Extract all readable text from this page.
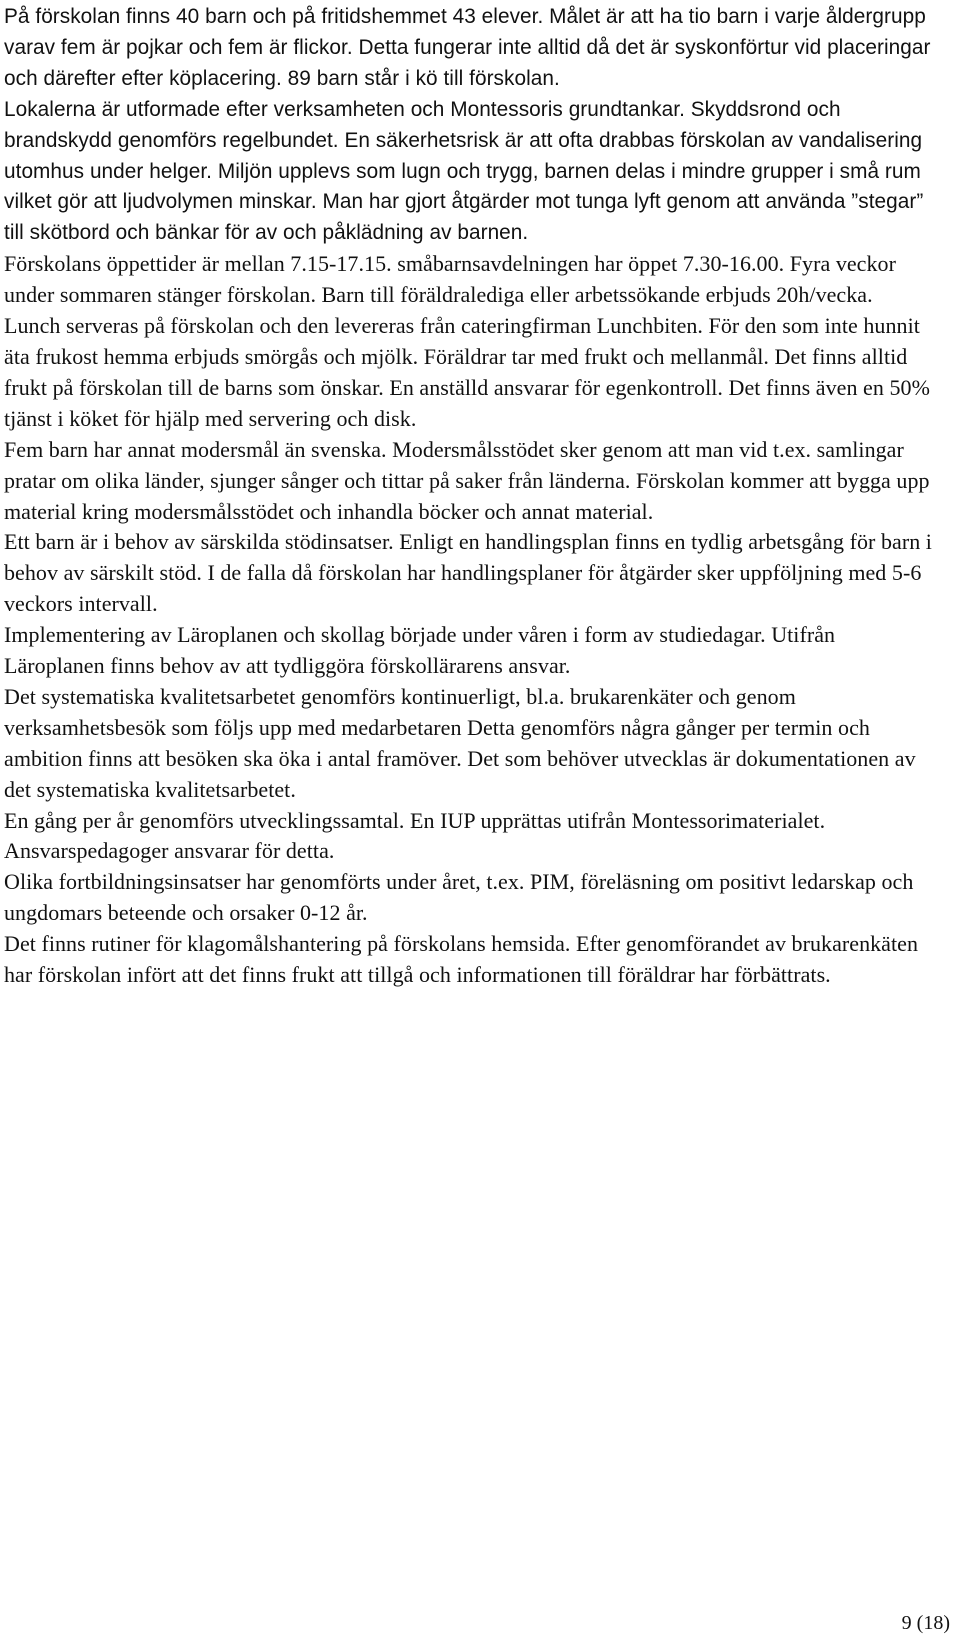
På förskolan finns 40 barn och på fritidshemmet 43 elever. Målet är att ha tio barn i varje åldergrupp varav fem är pojkar och fem är flickor. Detta fungerar inte alltid då det är syskonförtur vid placeringar och därefter efter köplacering. 89 barn står i kö till förskolan.

Lokalerna är utformade efter verksamheten och Montessoris grundtankar. Skyddsrond och brandskydd genomförs regelbundet. En säkerhetsrisk är att ofta drabbas förskolan av vandalisering utomhus under helger. Miljön upplevs som lugn och trygg, barnen delas i mindre grupper i små rum vilket gör att ljudvolymen minskar. Man har gjort åtgärder mot tunga lyft genom att använda ”stegar” till skötbord och bänkar för av och påklädning av barnen.

Förskolans öppettider är mellan 7.15-17.15. småbarnsavdelningen har öppet 7.30-16.00. Fyra veckor under sommaren stänger förskolan. Barn till föräldralediga eller arbetssökande erbjuds 20h/vecka.

Lunch serveras på förskolan och den levereras från cateringfirman Lunchbiten. För den som inte hunnit äta frukost hemma erbjuds smörgås och mjölk. Föräldrar tar med frukt och mellanmål. Det finns alltid frukt på förskolan till de barns som önskar. En anställd ansvarar för egenkontroll. Det finns även en 50% tjänst i köket för hjälp med servering och disk.

Fem barn har annat modersmål än svenska. Modersmålsstödet sker genom att man vid t.ex. samlingar pratar om olika länder, sjunger sånger och tittar på saker från länderna. Förskolan kommer att bygga upp material kring modersmålsstödet och inhandla böcker och annat material.

Ett barn är i behov av särskilda stödinsatser. Enligt en handlingsplan finns en tydlig arbetsgång för barn i behov av särskilt stöd. I de falla då förskolan har handlingsplaner för åtgärder sker uppföljning med 5-6 veckors intervall.

Implementering av Läroplanen och skollag började under våren i form av studiedagar. Utifrån Läroplanen finns behov av att tydliggöra förskollärarens ansvar.

Det systematiska kvalitetsarbetet genomförs kontinuerligt, bl.a. brukarenkäter och genom verksamhetsbesök som följs upp med medarbetaren Detta genomförs några gånger per termin och ambition finns att besöken ska öka i antal framöver. Det som behöver utvecklas är dokumentationen av det systematiska kvalitetsarbetet.

En gång per år genomförs utvecklingssamtal. En IUP upprättas utifrån Montessorimaterialet. Ansvarspedagoger ansvarar för detta.

Olika fortbildningsinsatser har genomförts under året, t.ex. PIM, föreläsning om positivt ledarskap och ungdomars beteende och orsaker 0-12 år.

Det finns rutiner för klagomålshantering på förskolans hemsida. Efter genomförandet av brukarenkäten har förskolan infört att det finns frukt att tillgå och informationen till föräldrar har förbättrats.

9 (18)
